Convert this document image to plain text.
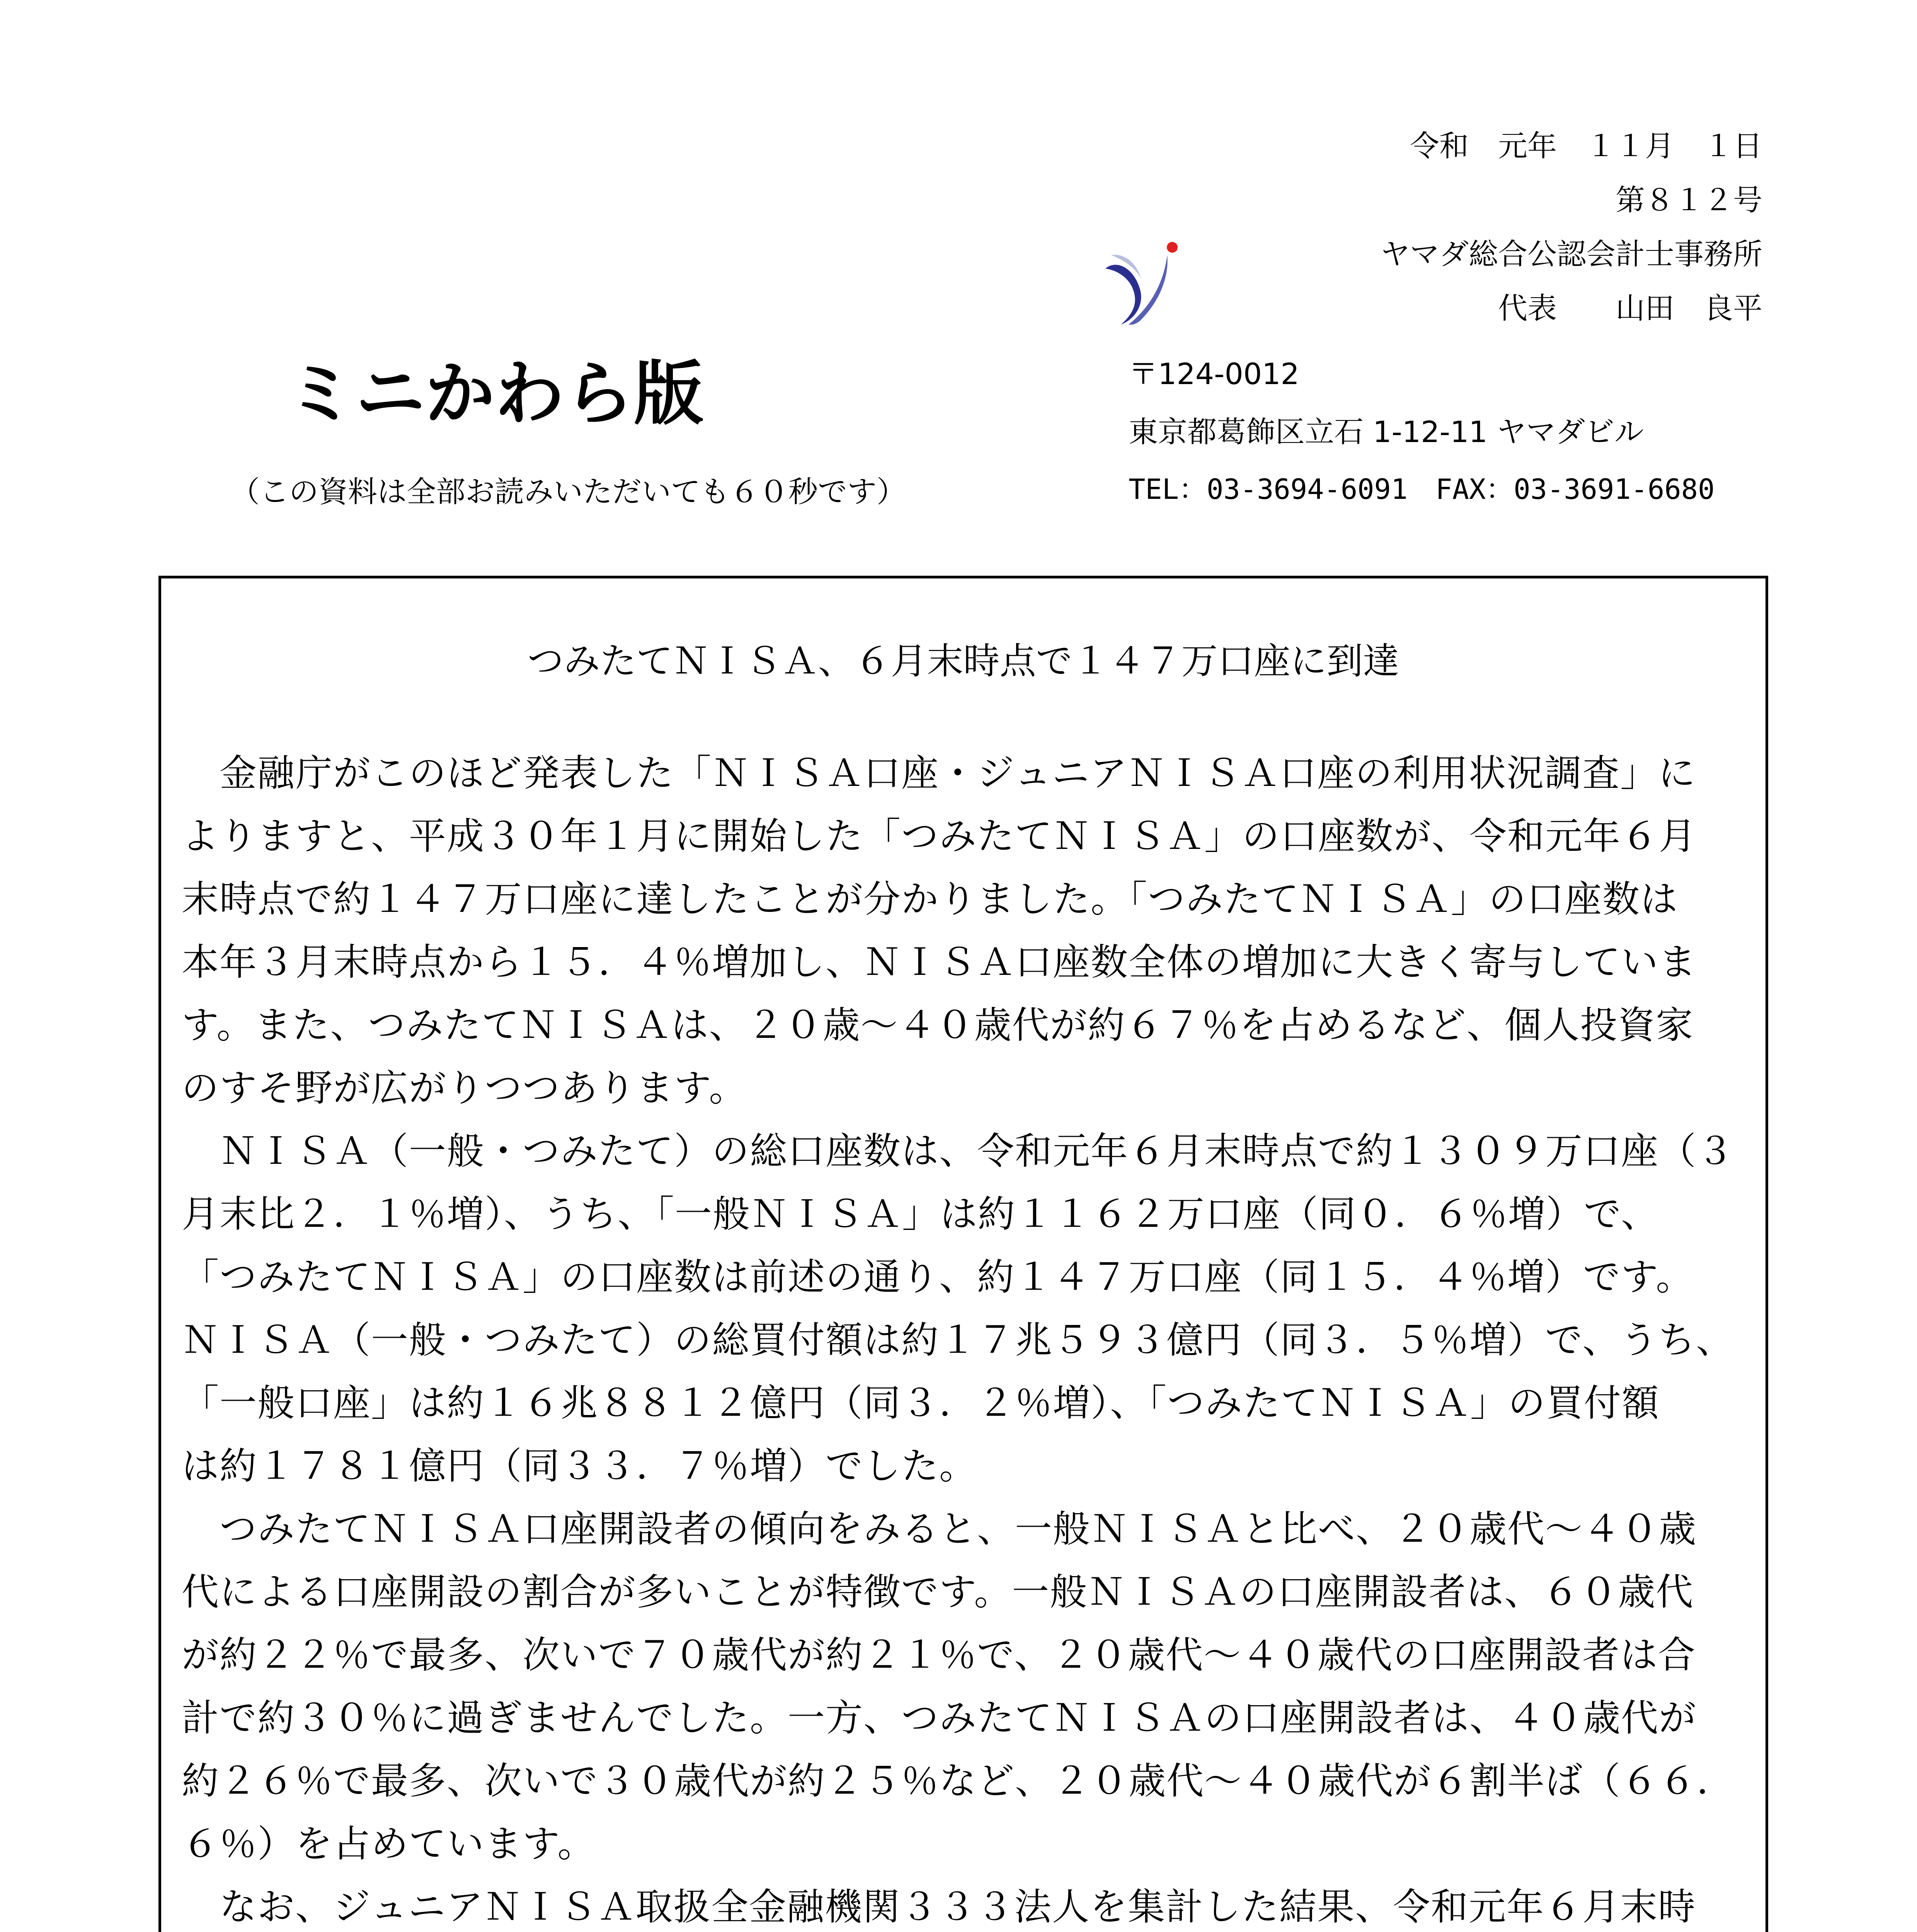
令和　元年　１１月　１日
第８１２号
ヤマダ総合公認会計士事務所
代表　　山田　良平
〒124-0012
東京都葛飾区立石 1-12-11 ヤマダビル
TEL：03-3694-6091　FAX：03-3691-6680
ミニかわら版
（この資料は全部お読みいただいても６０秒です）
つみたてＮＩＳＡ、６月末時点で１４７万口座に到達
　金融庁がこのほど発表した「ＮＩＳＡ口座・ジュニアＮＩＳＡ口座の利用状況調査」に
よりますと、平成３０年１月に開始した「つみたてＮＩＳＡ」の口座数が、令和元年６月
末時点で約１４７万口座に達したことが分かりました。「つみたてＮＩＳＡ」の口座数は
本年３月末時点から１５．４％増加し、ＮＩＳＡ口座数全体の増加に大きく寄与していま
す。また、つみたてＮＩＳＡは、２０歳～４０歳代が約６７％を占めるなど、個人投資家
のすそ野が広がりつつあります。
　ＮＩＳＡ（一般・つみたて）の総口座数は、令和元年６月末時点で約１３０９万口座（３
月末比２．１％増）、うち、「一般ＮＩＳＡ」は約１１６２万口座（同０．６％増）で、
「つみたてＮＩＳＡ」の口座数は前述の通り、約１４７万口座（同１５．４％増）です。
ＮＩＳＡ（一般・つみたて）の総買付額は約１７兆５９３億円（同３．５％増）で、うち、
「一般口座」は約１６兆８８１２億円（同３．２％増）、「つみたてＮＩＳＡ」の買付額
は約１７８１億円（同３３．７％増）でした。
　つみたてＮＩＳＡ口座開設者の傾向をみると、一般ＮＩＳＡと比べ、２０歳代～４０歳
代による口座開設の割合が多いことが特徴です。一般ＮＩＳＡの口座開設者は、６０歳代
が約２２％で最多、次いで７０歳代が約２１％で、２０歳代～４０歳代の口座開設者は合
計で約３０％に過ぎませんでした。一方、つみたてＮＩＳＡの口座開設者は、４０歳代が
約２６％で最多、次いで３０歳代が約２５％など、２０歳代～４０歳代が６割半ば（６６．
６％）を占めています。
　なお、ジュニアＮＩＳＡ取扱全金融機関３３３法人を集計した結果、令和元年６月末時
